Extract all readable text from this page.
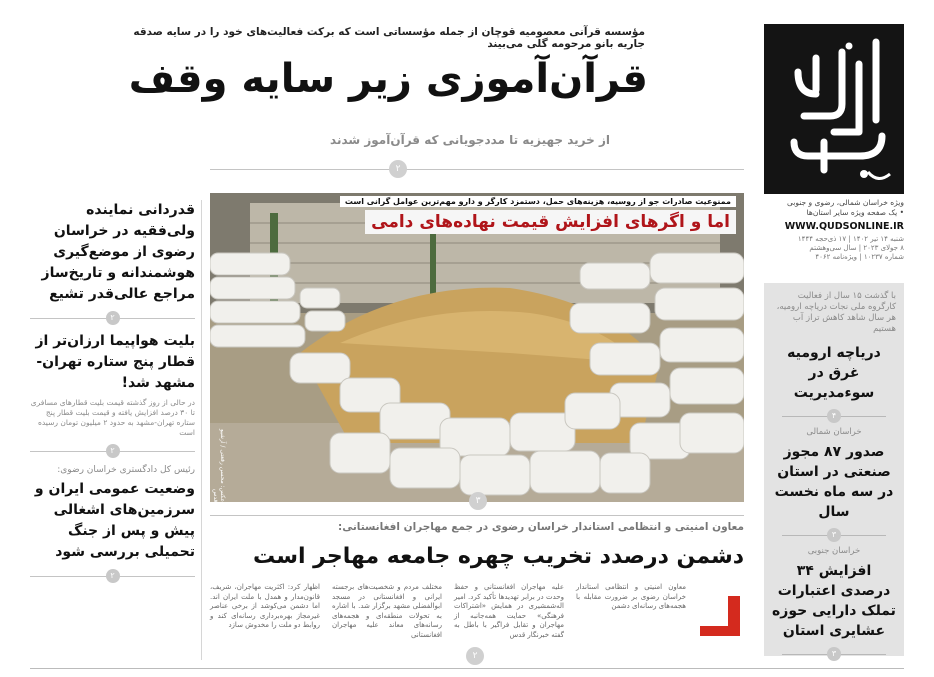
ویژه خراسان شمالی، رضوی و جنوبی
• یک صفحه ویژه سایر استان‌ها
WWW.QUDSONLINE.IR
شنبه ۱۴ تیر ۱۴۰۲ | ۱۷ ذی‌حجه ۱۴۴۴
۸ جولای ۲۰۲۳ | سال سی‌وهشتم
شماره ۱۰۲۳۷ | ویژه‌نامه ۴۰۶۲
با گذشت ۱۵ سال از فعالیت کارگروه ملی نجات دریاچه ارومیه، هر سال شاهد کاهش تراز آب هستیم
دریاچه ارومیه غرق در سوءمدیریت
۴
خراسان شمالی
صدور ۸۷ مجوز صنعتی در استان در سه ماه نخست سال
۳
خراسان جنوبی
افزایش ۳۴ درصدی اعتبارات تملک دارایی حوزه عشایری استان
۳
مؤسسه قرآنی معصومیه قوچان از جمله مؤسساتی است که برکت فعالیت‌های خود را در سایه صدقه جاریه بانو مرحومه گلی می‌بیند
قرآن‌آموزی زیر سایه وقف
از خرید جهیزیه تا مددجویانی که قرآن‌آموز شدند
۲
ممنوعیت صادرات جو از روسیه، هزینه‌های حمل، دستمزد کارگر و دارو مهم‌ترین عوامل گرانی است
اما و اگرهای افزایش قیمت نهاده‌های دامی
عکس: محسن رفعتی / آرشیو قدس	۳
قدردانی نماینده ولی‌فقیه در خراسان رضوی از موضع‌گیری هوشمندانه و تاریخ‌ساز مراجع عالی‌قدر تشیع
۲
بلیت هواپیما ارزان‌تر از قطار پنج ستاره تهران-مشهد شد!
در حالی از روز گذشته قیمت بلیت قطارهای مسافری تا ۳۰ درصد افزایش یافته و قیمت بلیت قطار پنج ستاره تهران-مشهد به حدود ۲ میلیون تومان رسیده است
۲
رئیس کل دادگستری خراسان رضوی:
وضعیت عمومی ایران و سرزمین‌های اشغالی پیش و پس از جنگ تحمیلی بررسی شود
۲
معاون امنیتی و انتظامی استاندار خراسان رضوی در جمع مهاجران افغانستانی:
دشمن درصدد تخریب چهره جامعه مهاجر است
معاون امنیتی و انتظامی استاندار خراسان رضوی بر ضرورت مقابله با هجمه‌های رسانه‌ای دشمن
علیه مهاجران افغانستانی و حفظ وحدت در برابر تهدیدها تأکید کرد. امیر اله‌شمشیری در همایش «اشتراکات فرهنگی» حمایت همه‌جانبه از مهاجران و تقابل فراگیر با باطل به گفته خبرنگار قدس
مختلف مردم و شخصیت‌های برجسته ایرانی و افغانستانی در مسجد ابوالفضلی مشهد برگزار شد. با اشاره به تحولات منطقه‌ای و هجمه‌های رسانه‌های معاند علیه مهاجران افغانستانی
اظهار کرد: اکثریت مهاجران، شریف، قانون‌مدار و همدل با ملت ایران اند. اما دشمن می‌کوشد از برخی عناصر غیرمجاز بهره‌برداری رسانه‌ای کند و روابط دو ملت را مخدوش سازد
۲
